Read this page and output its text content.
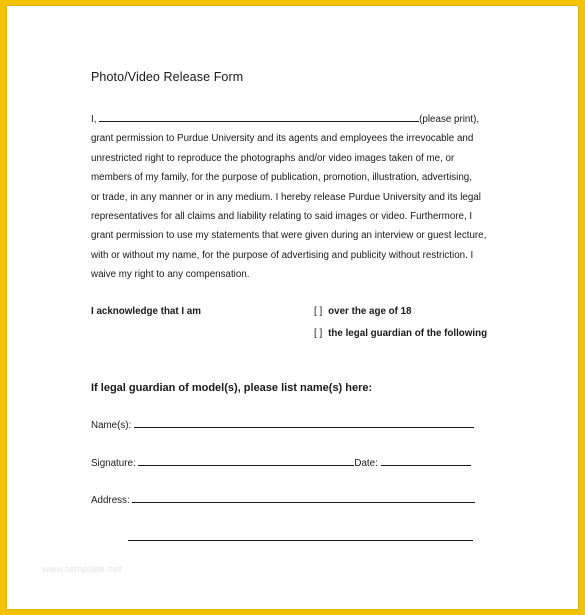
Photo/Video Release Form
I,	(please print),
grant permission to Purdue University and its agents and employees the irrevocable and
unrestricted right to reproduce the photographs and/or video images taken of me, or
members of my family, for the purpose of publication, promotion, illustration, advertising,
or trade, in any manner or in any medium. I hereby release Purdue University and its legal
representatives for all claims and liability relating to said images or video. Furthermore, I
grant permission to use my statements that were given during an interview or guest lecture,
with or without my name, for the purpose of advertising and publicity without restriction. I
waive my right to any compensation.
I acknowledge that I am	[ ] over the age of 18
[ ] the legal guardian of the following
If legal guardian of model(s), please list name(s) here:
Name(s):
Signature:	Date:
Address:
www.template.net
